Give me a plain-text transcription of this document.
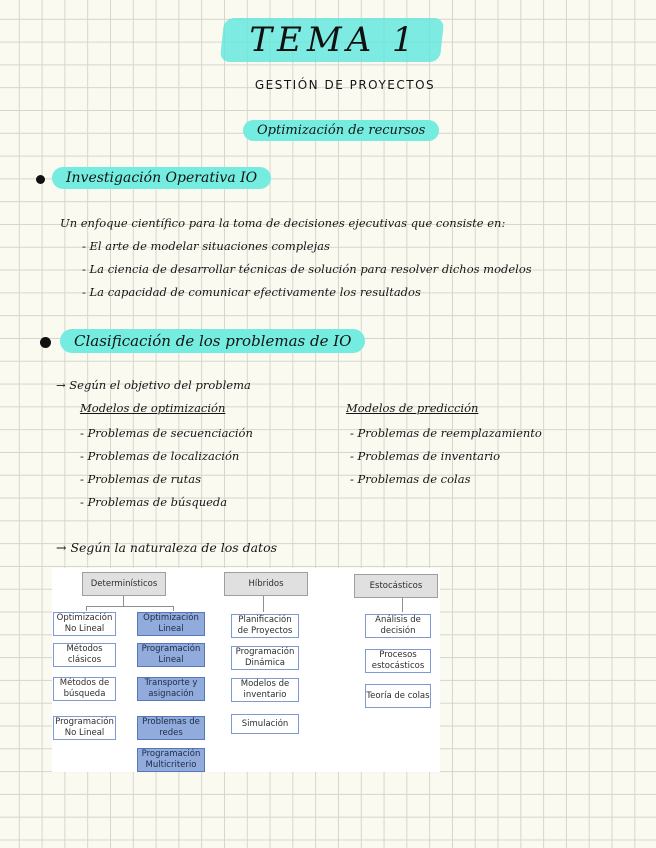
TEMA 1
GESTIÓN DE PROYECTOS
Optimización de recursos
Investigación Operativa IO
Un enfoque científico para la toma de decisiones ejecutivas que consiste en:
- El arte de modelar situaciones complejas
- La ciencia de desarrollar técnicas de solución para resolver dichos modelos
- La capacidad de comunicar efectivamente los resultados
Clasificación de los problemas de IO
→ Según el objetivo del problema
Modelos de optimización
- Problemas de secuenciación
- Problemas de localización
- Problemas de rutas
- Problemas de búsqueda
Modelos de predicción
- Problemas de reemplazamiento
- Problemas de inventario
- Problemas de colas
→ Según la naturaleza de los datos
Determinísticos	Híbridos	Estocásticos
Optimización No Lineal
Métodos clásicos
Métodos de búsqueda
Programación No Lineal
Optimización Lineal
Programación Lineal
Transporte y asignación
Problemas de redes
Programación Multicriterio
Planificación de Proyectos
Programación Dinámica
Modelos de inventario
Simulación
Análisis de decisión
Procesos estocásticos
Teoría de colas
